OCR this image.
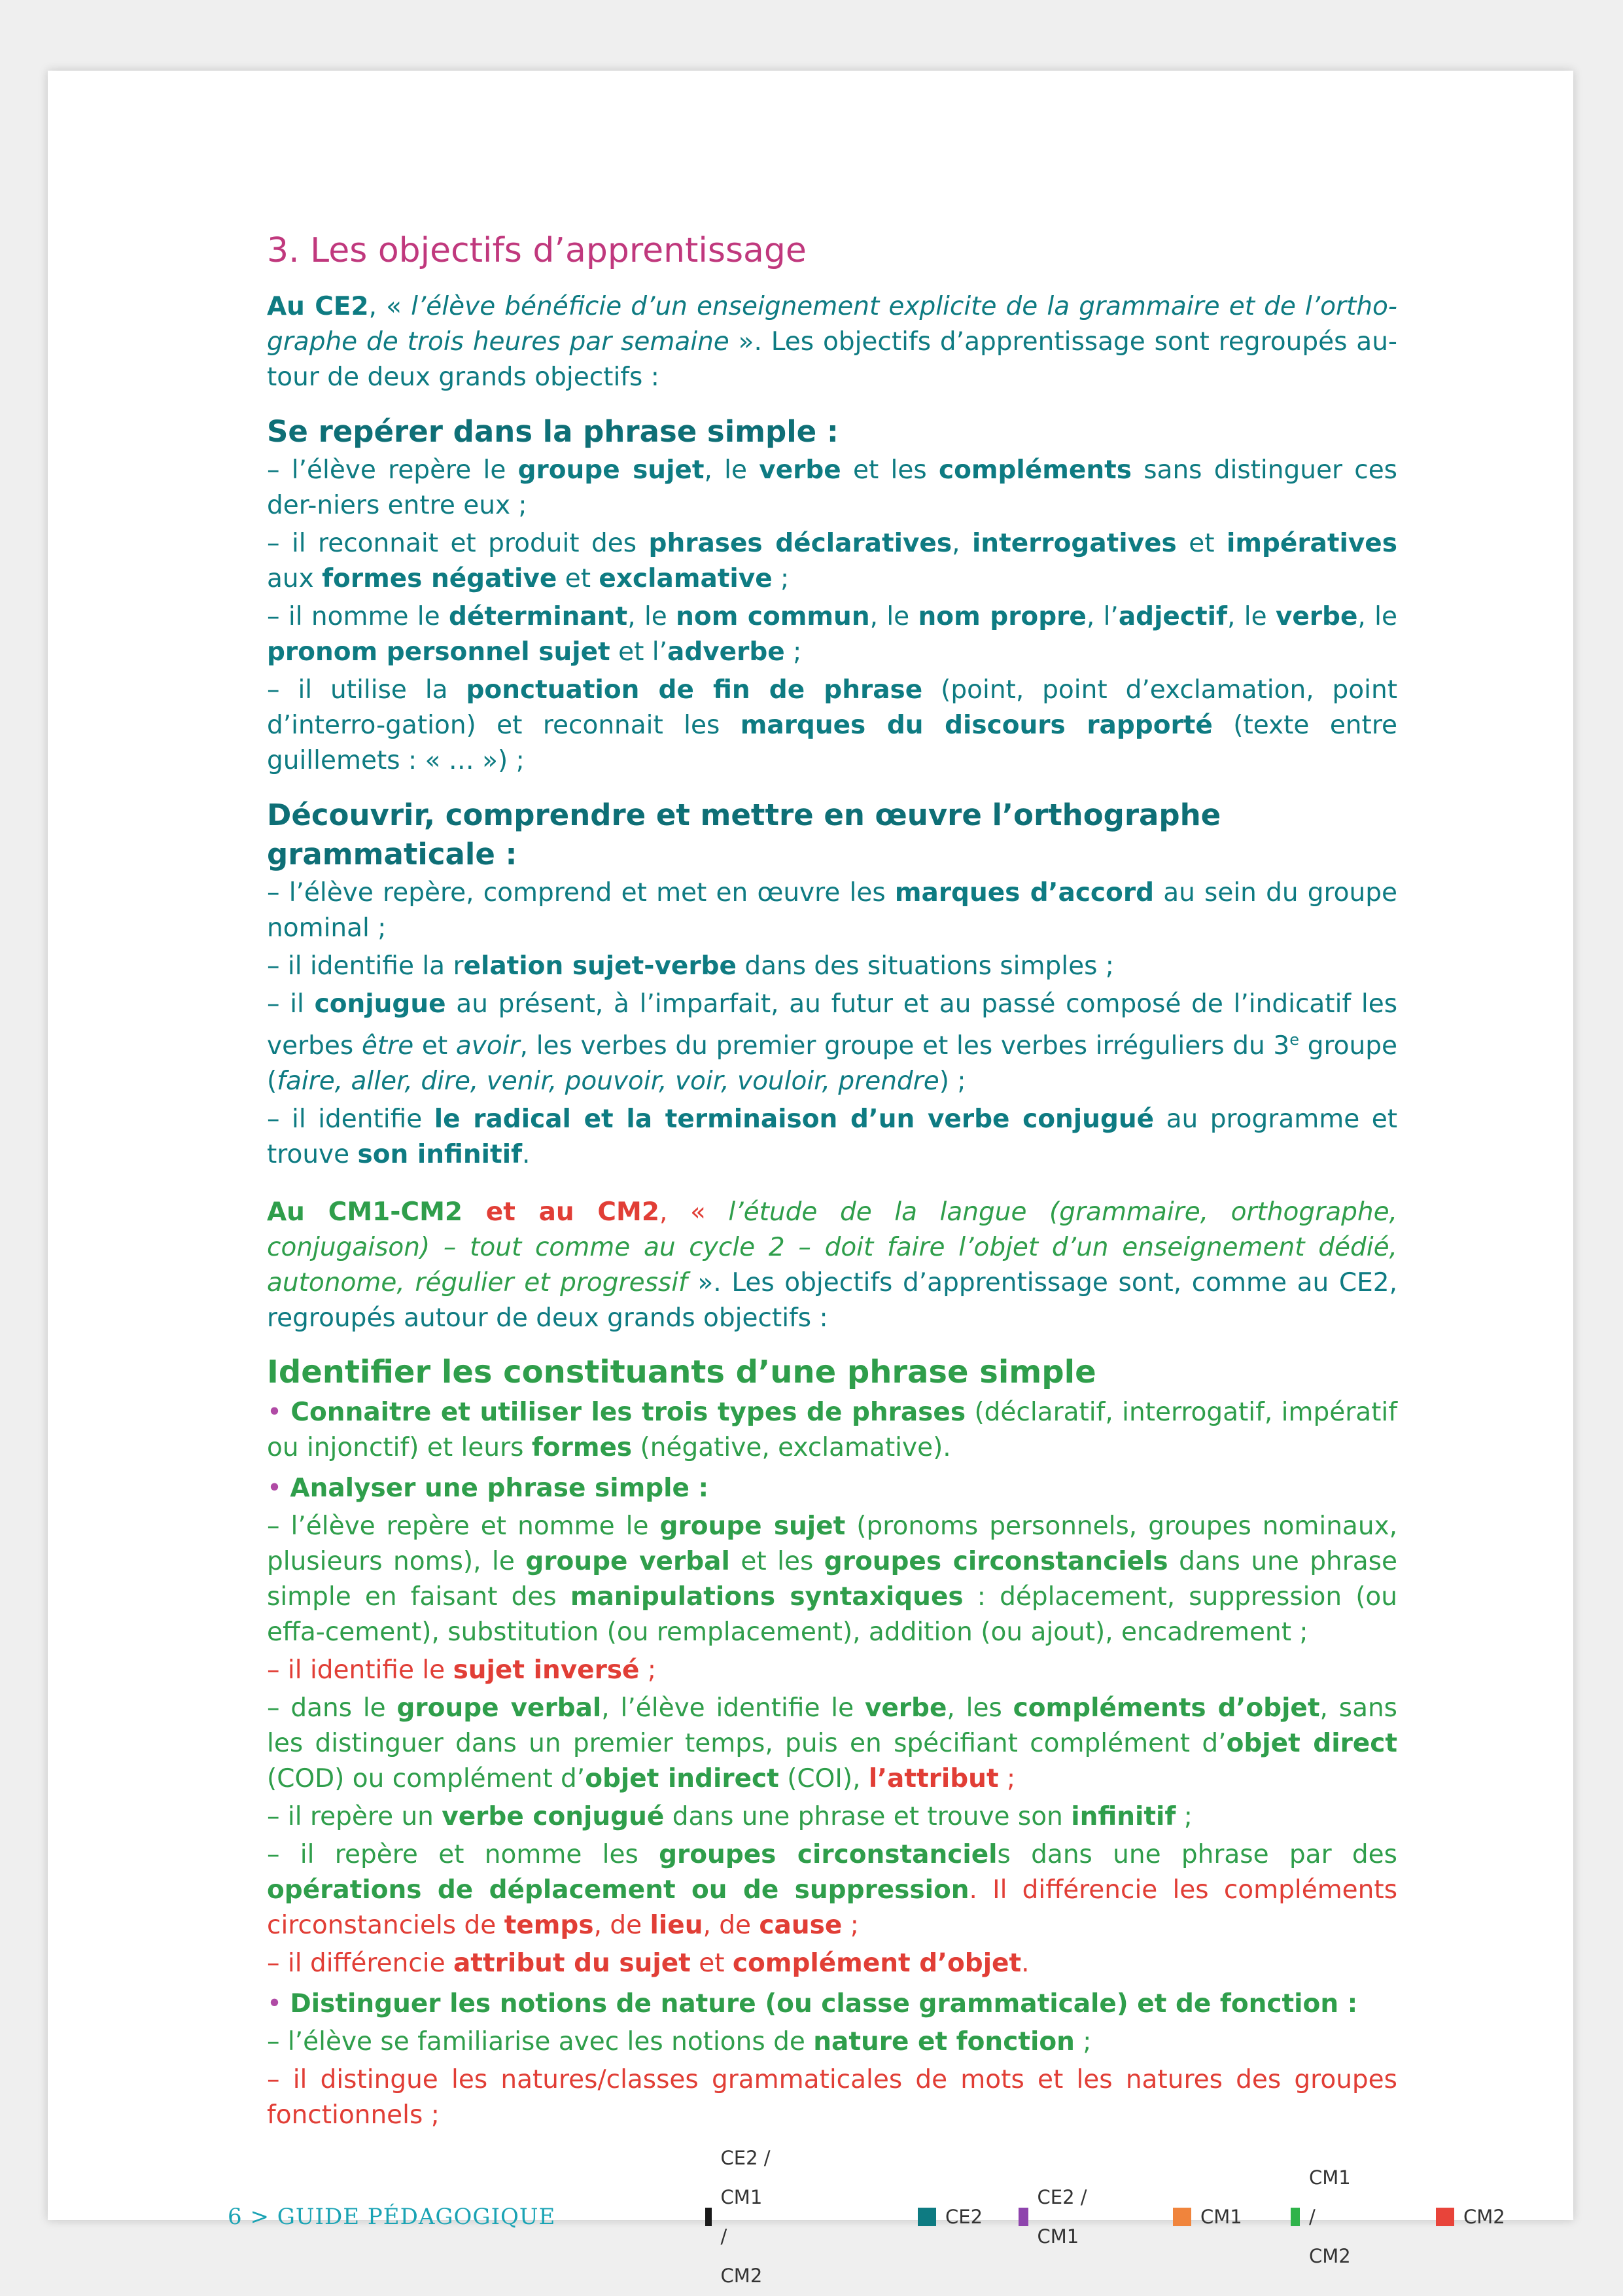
3. Les objectifs d’apprentissage

Au CE2, « l’élève bénéficie d’un enseignement explicite de la grammaire et de l’ortho-graphe de trois heures par semaine ». Les objectifs d’apprentissage sont regroupés au-tour de deux grands objectifs :

Se repérer dans la phrase simple :

– l’élève repère le groupe sujet, le verbe et les compléments sans distinguer ces der-niers entre eux ;

– il reconnait et produit des phrases déclaratives, interrogatives et impératives aux formes négative et exclamative ;

– il nomme le déterminant, le nom commun, le nom propre, l’adjectif, le verbe, le pronom personnel sujet et l’adverbe ;

– il utilise la ponctuation de fin de phrase (point, point d’exclamation, point d’interro-gation) et reconnait les marques du discours rapporté (texte entre guillemets : « … ») ;

Découvrir, comprendre et mettre en œuvre l’orthographe grammaticale :

– l’élève repère, comprend et met en œuvre les marques d’accord au sein du groupe nominal ;

– il identifie la relation sujet-verbe dans des situations simples ;

– il conjugue au présent, à l’imparfait, au futur et au passé composé de l’indicatif les verbes être et avoir, les verbes du premier groupe et les verbes irréguliers du 3e groupe (faire, aller, dire, venir, pouvoir, voir, vouloir, prendre) ;

– il identifie le radical et la terminaison d’un verbe conjugué au programme et trouve son infinitif.

Au CM1-CM2 et au CM2, « l’étude de la langue (grammaire, orthographe, conjugaison) – tout comme au cycle 2 – doit faire l’objet d’un enseignement dédié, autonome, régulier et progressif ». Les objectifs d’apprentissage sont, comme au CE2, regroupés autour de deux grands objectifs :

Identifier les constituants d’une phrase simple

• Connaitre et utiliser les trois types de phrases (déclaratif, interrogatif, impératif ou injonctif) et leurs formes (négative, exclamative).

• Analyser une phrase simple :

– l’élève repère et nomme le groupe sujet (pronoms personnels, groupes nominaux, plusieurs noms), le groupe verbal et les groupes circonstanciels dans une phrase simple en faisant des manipulations syntaxiques : déplacement, suppression (ou effa-cement), substitution (ou remplacement), addition (ou ajout), encadrement ;

– il identifie le sujet inversé ;

– dans le groupe verbal, l’élève identifie le verbe, les compléments d’objet, sans les distinguer dans un premier temps, puis en spécifiant complément d’objet direct (COD) ou complément d’objet indirect (COI), l’attribut ;

– il repère un verbe conjugué dans une phrase et trouve son infinitif ;

– il repère et nomme les groupes circonstanciels dans une phrase par des opérations de déplacement ou de suppression. Il différencie les compléments circonstanciels de temps, de lieu, de cause ;

– il différencie attribut du sujet et complément d’objet.

• Distinguer les notions de nature (ou classe grammaticale) et de fonction :

– l’élève se familiarise avec les notions de nature et fonction ;

– il distingue les natures/classes grammaticales de mots et les natures des groupes fonctionnels ;

6 > GUIDE PÉDAGOGIQUE
CE2 / CM1 / CM2
CE2
CE2 / CM1
CM1
CM1 / CM2
CM2
